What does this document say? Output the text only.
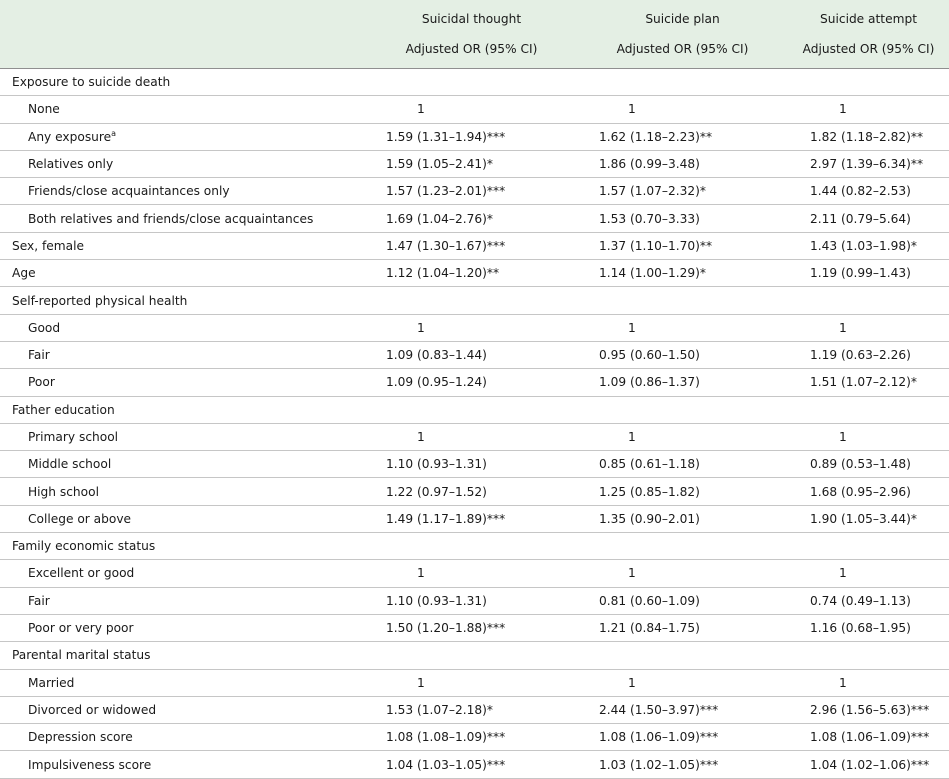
	Suicidal thought	Suicide plan	Suicide attempt
	Adjusted OR (95% CI)	Adjusted OR (95% CI)	Adjusted OR (95% CI)
Exposure to suicide death			
None	1	1	1
Any exposure$^a$	1.59 (1.31–1.94)***	1.62 (1.18–2.23)**	1.82 (1.18–2.82)**
Relatives only	1.59 (1.05–2.41)*	1.86 (0.99–3.48)	2.97 (1.39–6.34)**
Friends/close acquaintances only	1.57 (1.23–2.01)***	1.57 (1.07–2.32)*	1.44 (0.82–2.53)
Both relatives and friends/close acquaintances	1.69 (1.04–2.76)*	1.53 (0.70–3.33)	2.11 (0.79–5.64)
Sex, female	1.47 (1.30–1.67)***	1.37 (1.10–1.70)**	1.43 (1.03–1.98)*
Age	1.12 (1.04–1.20)**	1.14 (1.00–1.29)*	1.19 (0.99–1.43)
Self-reported physical health			
Good	1	1	1
Fair	1.09 (0.83–1.44)	0.95 (0.60–1.50)	1.19 (0.63–2.26)
Poor	1.09 (0.95–1.24)	1.09 (0.86–1.37)	1.51 (1.07–2.12)*
Father education			
Primary school	1	1	1
Middle school	1.10 (0.93–1.31)	0.85 (0.61–1.18)	0.89 (0.53–1.48)
High school	1.22 (0.97–1.52)	1.25 (0.85–1.82)	1.68 (0.95–2.96)
College or above	1.49 (1.17–1.89)***	1.35 (0.90–2.01)	1.90 (1.05–3.44)*
Family economic status			
Excellent or good	1	1	1
Fair	1.10 (0.93–1.31)	0.81 (0.60–1.09)	0.74 (0.49–1.13)
Poor or very poor	1.50 (1.20–1.88)***	1.21 (0.84–1.75)	1.16 (0.68–1.95)
Parental marital status			
Married	1	1	1
Divorced or widowed	1.53 (1.07–2.18)*	2.44 (1.50–3.97)***	2.96 (1.56–5.63)***
Depression score	1.08 (1.08–1.09)***	1.08 (1.06–1.09)***	1.08 (1.06–1.09)***
Impulsiveness score	1.04 (1.03–1.05)***	1.03 (1.02–1.05)***	1.04 (1.02–1.06)***
